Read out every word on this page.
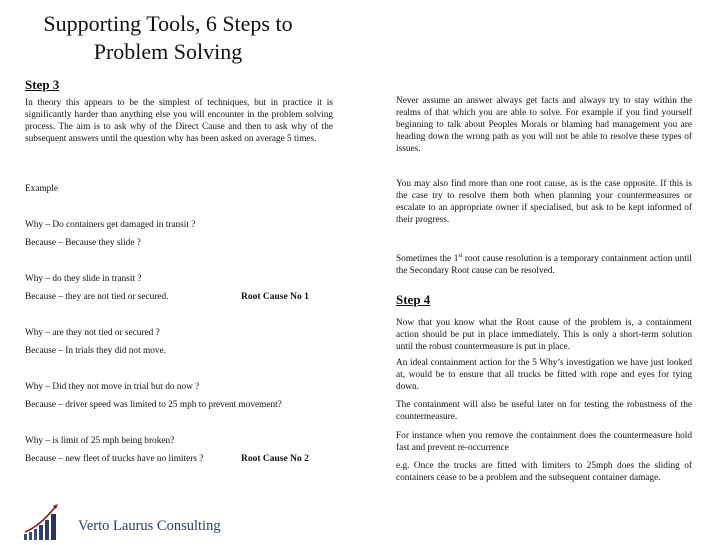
Supporting Tools, 6 Steps to Problem Solving
Step 3
In theory this appears to be the simplest of techniques, but in practice it is significantly harder than anything else you will encounter in the problem solving process. The aim is to ask why of the Direct Cause and then to ask why of the subsequent answers until the question why has been asked on average 5 times.
Example
Why – Do containers get damaged in transit ?
Because – Because they slide ?
Why – do they slide in transit ?
Because – they are not tied or secured.	Root Cause No 1
Why – are they not tied or secured ?
Because – In trials they did not move.
Why – Did they not move in trial but do now ?
Because – driver speed was limited to 25 mph to prevent movement?
Why – is limit of 25 mph being broken?
Because – new fleet of trucks have no limiters ?	Root Cause No 2
Never assume an answer always get facts and always try to stay within the realms of that which you are able to solve. For example if you find yourself beginning to talk about Peoples Morals or blaming bad management you are heading down the wrong path as you will not be able to resolve these types of issues.
You may also find more than one root cause, as is the case opposite. If this is the case try to resolve them both when planning your countermeasures or escalate to an appropriate owner if specialised, but ask to be kept informed of their progress.
Sometimes the 1st root cause resolution is a temporary containment action until the Secondary Root cause can be resolved.
Step 4
Now that you know what the Root cause of the problem is, a containment action should be put in place immediately. This is only a short-term solution until the robust countermeasure is put in place.
An ideal containment action for the 5 Why’s investigation we have just looked at, would be to ensure that all trucks be fitted with rope and eyes for tying down.
The containment will also be useful later on for testing the robustness of the countermeasure.
For instance when you remove the containment does the countermeasure hold fast and prevent re-occurrence
e.g. Once the trucks are fitted with limiters to 25mph does the sliding of containers cease to be a problem and the subsequent container damage.
Verto Laurus Consulting
